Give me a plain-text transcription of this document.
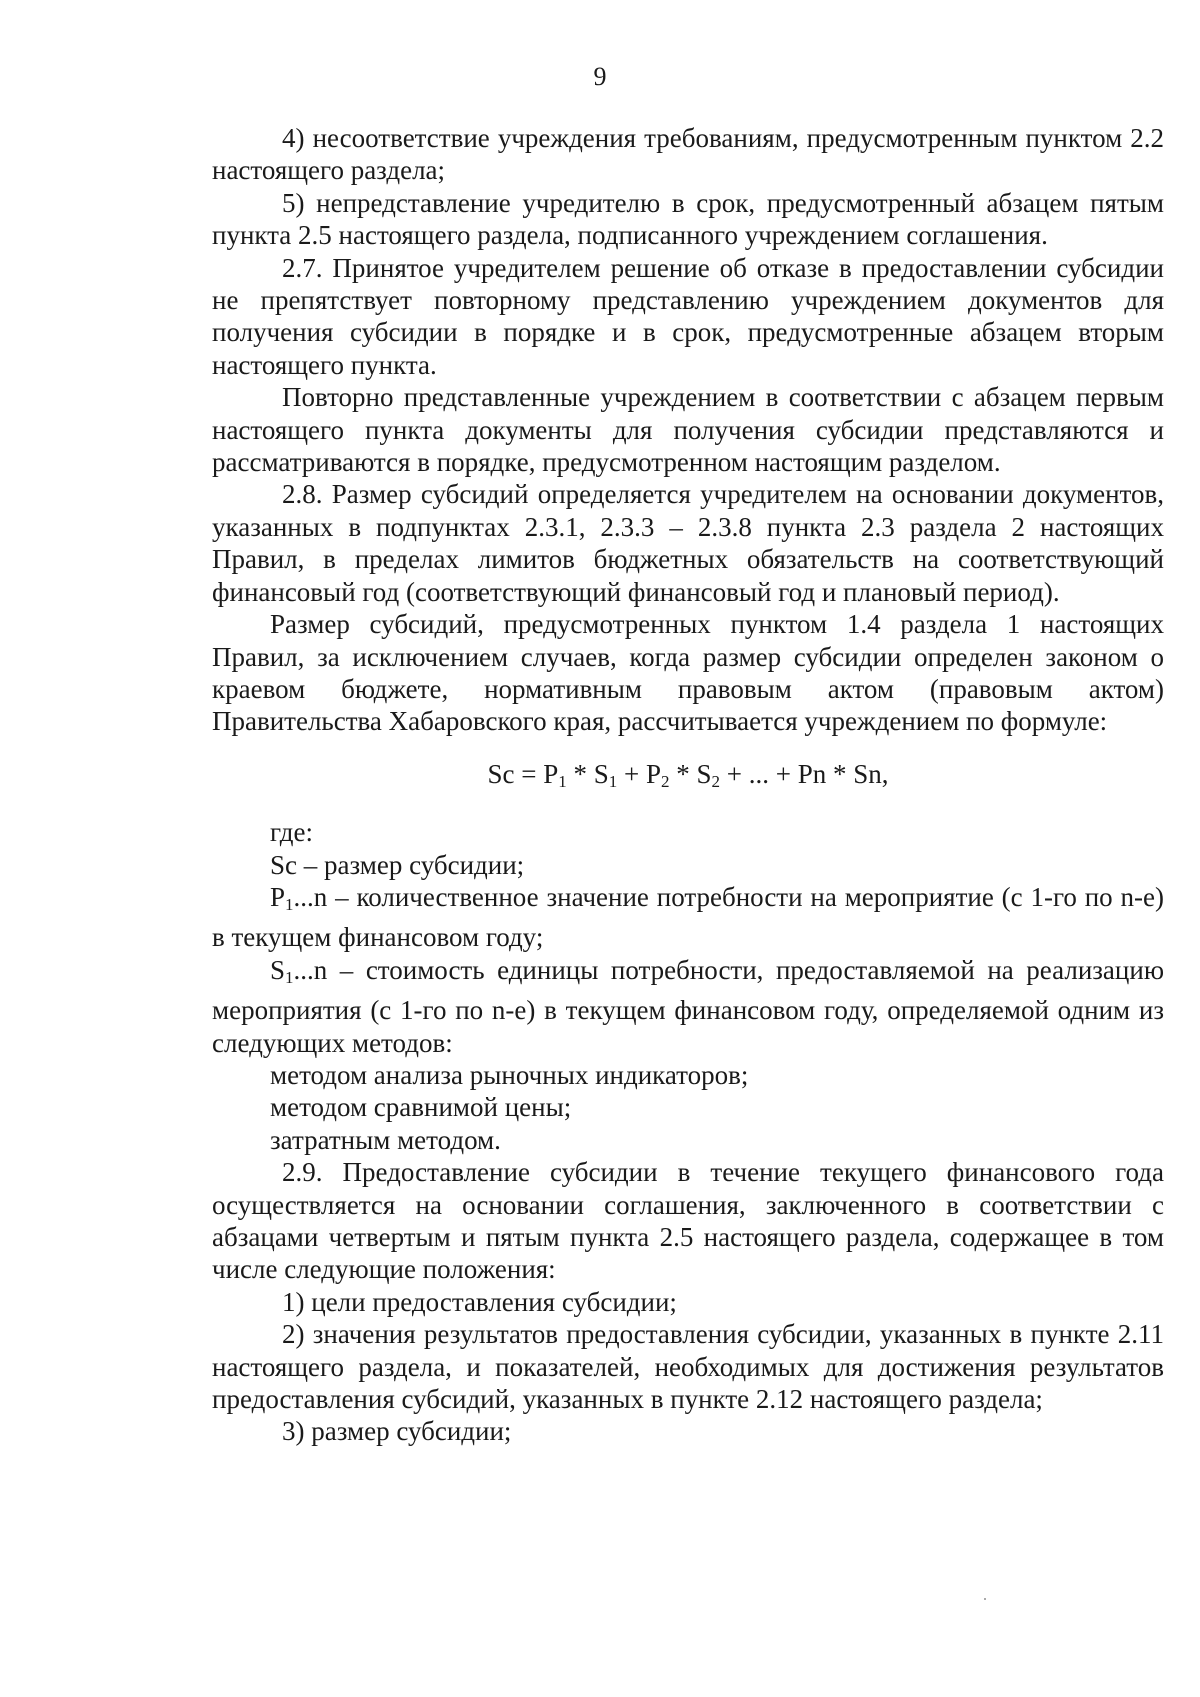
9

4) несоответствие учреждения требованиям, предусмотренным пунктом 2.2 настоящего раздела;

5) непредставление учредителю в срок, предусмотренный абзацем пятым пункта 2.5 настоящего раздела, подписанного учреждением соглашения.

2.7. Принятое учредителем решение об отказе в предоставлении субсидии не препятствует повторному представлению учреждением документов для получения субсидии в порядке и в срок, предусмотренные абзацем вторым настоящего пункта.

Повторно представленные учреждением в соответствии с абзацем первым настоящего пункта документы для получения субсидии представляются и рассматриваются в порядке, предусмотренном настоящим разделом.

2.8. Размер субсидий определяется учредителем на основании документов, указанных в подпунктах 2.3.1, 2.3.3 – 2.3.8 пункта 2.3 раздела 2 настоящих Правил, в пределах лимитов бюджетных обязательств на соответствующий финансовый год (соответствующий финансовый год и плановый период).

Размер субсидий, предусмотренных пунктом 1.4 раздела 1 настоящих Правил, за исключением случаев, когда размер субсидии определен законом о краевом бюджете, нормативным правовым актом (правовым актом) Правительства Хабаровского края, рассчитывается учреждением по формуле:

$Sc = P_1 * S_1 + P_2 * S_2$ + ... + Pn * Sn,

где:

Sc – размер субсидии;

$P_1...n$ – количественное значение потребности на мероприятие (с 1-го по n-е) в текущем финансовом году;

$S_1...n$ – стоимость единицы потребности, предоставляемой на реализацию мероприятия (с 1-го по n-е) в текущем финансовом году, определяемой одним из следующих методов:

методом анализа рыночных индикаторов;

методом сравнимой цены;

затратным методом.

2.9. Предоставление субсидии в течение текущего финансового года осуществляется на основании соглашения, заключенного в соответствии с абзацами четвертым и пятым пункта 2.5 настоящего раздела, содержащее в том числе следующие положения:

1) цели предоставления субсидии;

2) значения результатов предоставления субсидии, указанных в пункте 2.11 настоящего раздела, и показателей, необходимых для достижения результатов предоставления субсидий, указанных в пункте 2.12 настоящего раздела;

3) размер субсидии;
